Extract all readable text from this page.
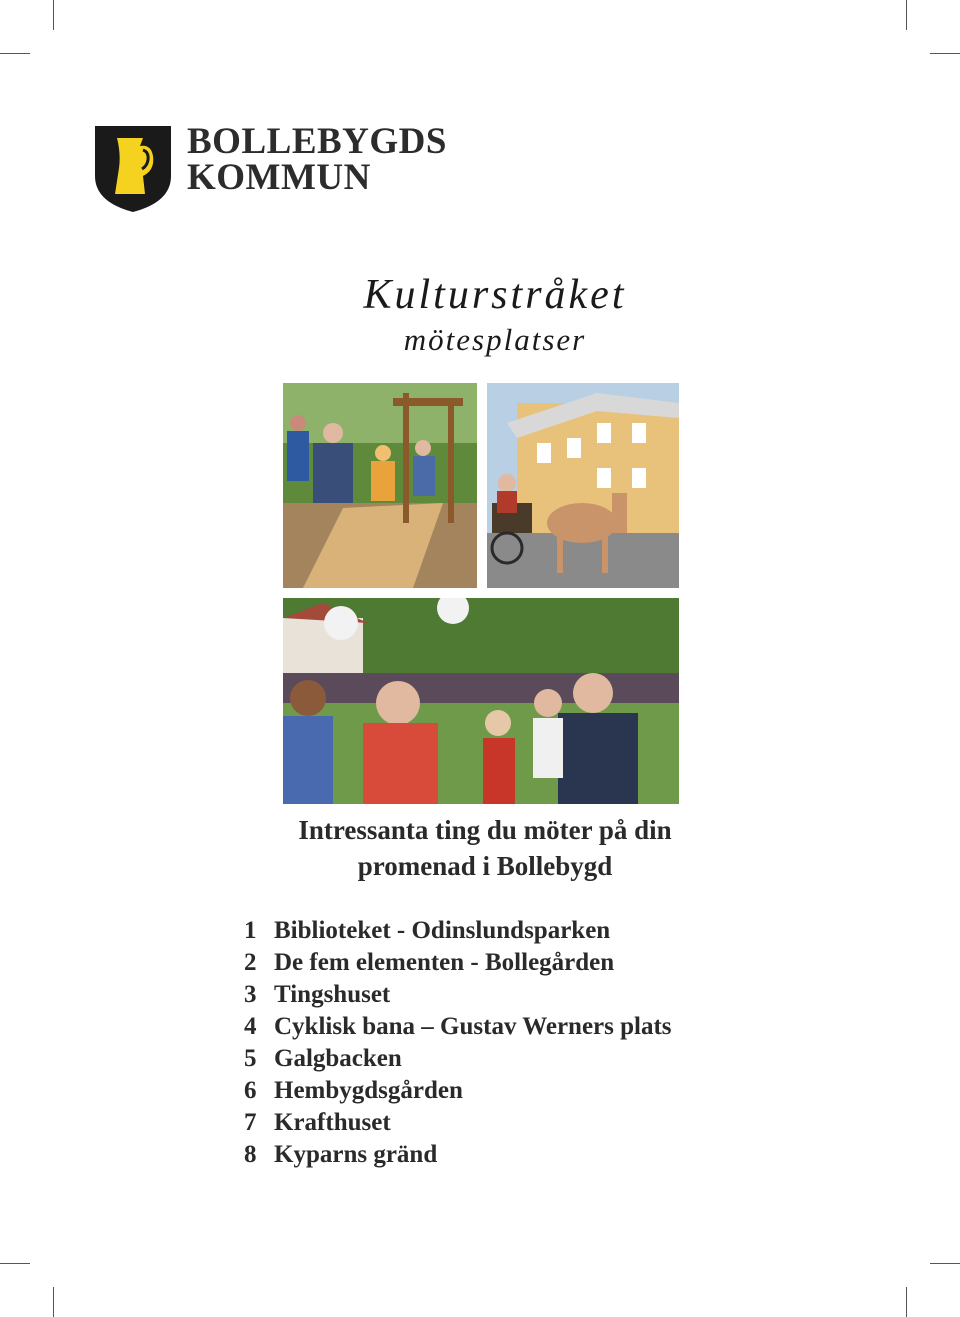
BOLLEBYGDS
KOMMUN
Kulturstråket
mötesplatser
Intressanta ting du möter på din
promenad i Bollebygd
1 Biblioteket - Odinslundsparken
2 De fem elementen - Bollegården
3 Tingshuset
4 Cyklisk bana – Gustav Werners plats
5 Galgbacken
6 Hembygdsgården
7 Krafthuset
8 Kyparns gränd
